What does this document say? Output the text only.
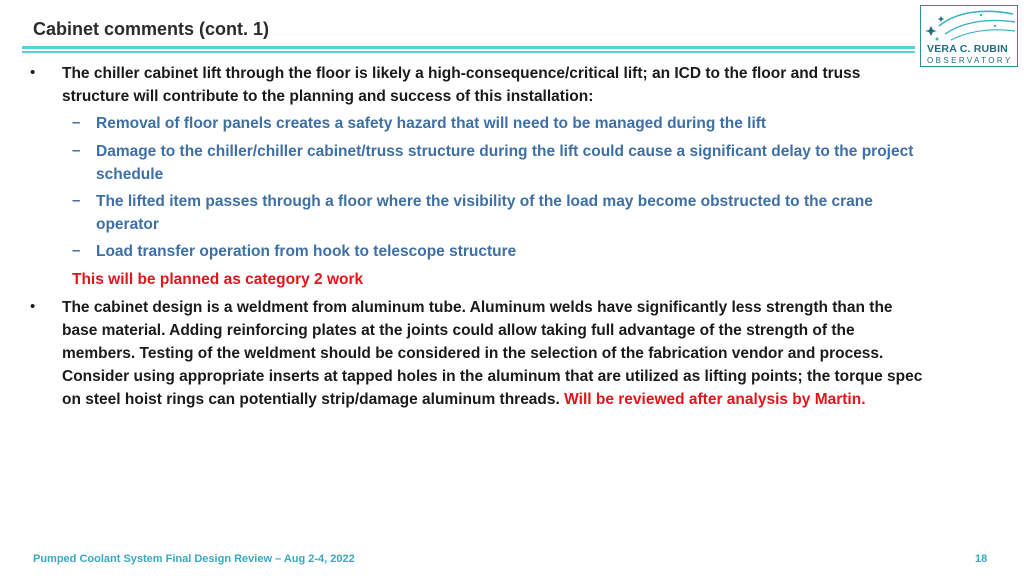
Cabinet comments (cont. 1)
VERA C. RUBIN
OBSERVATORY
• The chiller cabinet lift through the floor is likely a high-consequence/critical lift; an ICD to the floor and truss
structure will contribute to the planning and success of this installation:
– Removal of floor panels creates a safety hazard that will need to be managed during the lift
– Damage to the chiller/chiller cabinet/truss structure during the lift could cause a significant delay to the project
schedule
– The lifted item passes through a floor where the visibility of the load may become obstructed to the crane
operator
– Load transfer operation from hook to telescope structure
This will be planned as category 2 work
• The cabinet design is a weldment from aluminum tube. Aluminum welds have significantly less strength than the
base material. Adding reinforcing plates at the joints could allow taking full advantage of the strength of the
members. Testing of the weldment should be considered in the selection of the fabrication vendor and process.
Consider using appropriate inserts at tapped holes in the aluminum that are utilized as lifting points; the torque spec
on steel hoist rings can potentially strip/damage aluminum threads. Will be reviewed after analysis by Martin.
Pumped Coolant System Final Design Review – Aug 2-4, 2022	18
